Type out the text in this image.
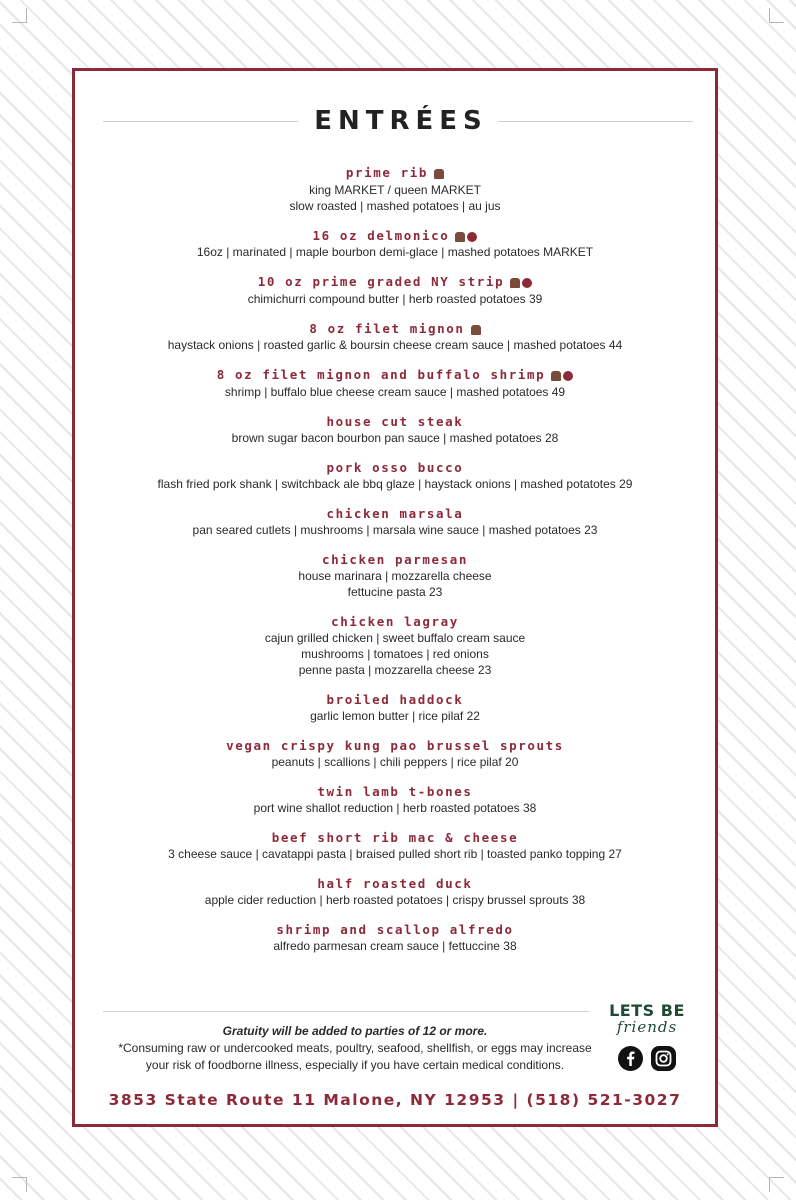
ENTRÉES
prime rib
king MARKET / queen MARKET
slow roasted | mashed potatoes | au jus
16 oz delmonico
16oz | marinated | maple bourbon demi-glace | mashed potatoes MARKET
10 oz prime graded NY strip
chimichurri compound butter | herb roasted potatoes 39
8 oz filet mignon
haystack onions | roasted garlic & boursin cheese cream sauce | mashed potatoes 44
8 oz filet mignon and buffalo shrimp
shrimp | buffalo blue cheese cream sauce | mashed potatoes 49
house cut steak
brown sugar bacon bourbon pan sauce | mashed potatoes 28
pork osso bucco
flash fried pork shank | switchback ale bbq glaze | haystack onions | mashed potatotes 29
chicken marsala
pan seared cutlets | mushrooms | marsala wine sauce | mashed potatoes 23
chicken parmesan
house marinara | mozzarella cheese
fettucine pasta 23
chicken lagray
cajun grilled chicken | sweet buffalo cream sauce
mushrooms | tomatoes | red onions
penne pasta | mozzarella cheese 23
broiled haddock
garlic lemon butter | rice pilaf 22
vegan crispy kung pao brussel sprouts
peanuts | scallions | chili peppers | rice pilaf 20
twin lamb t-bones
port wine shallot reduction | herb roasted potatoes 38
beef short rib mac & cheese
3 cheese sauce | cavatappi pasta | braised pulled short rib | toasted panko topping 27
half roasted duck
apple cider reduction | herb roasted potatoes | crispy brussel sprouts 38
shrimp and scallop alfredo
alfredo parmesan cream sauce | fettuccine 38
Gratuity will be added to parties of 12 or more.
*Consuming raw or undercooked meats, poultry, seafood, shellfish, or eggs may increase
your risk of foodborne illness, especially if you have certain medical conditions.
LETS BE
friends
3853 State Route 11 Malone, NY 12953 | (518) 521-3027
